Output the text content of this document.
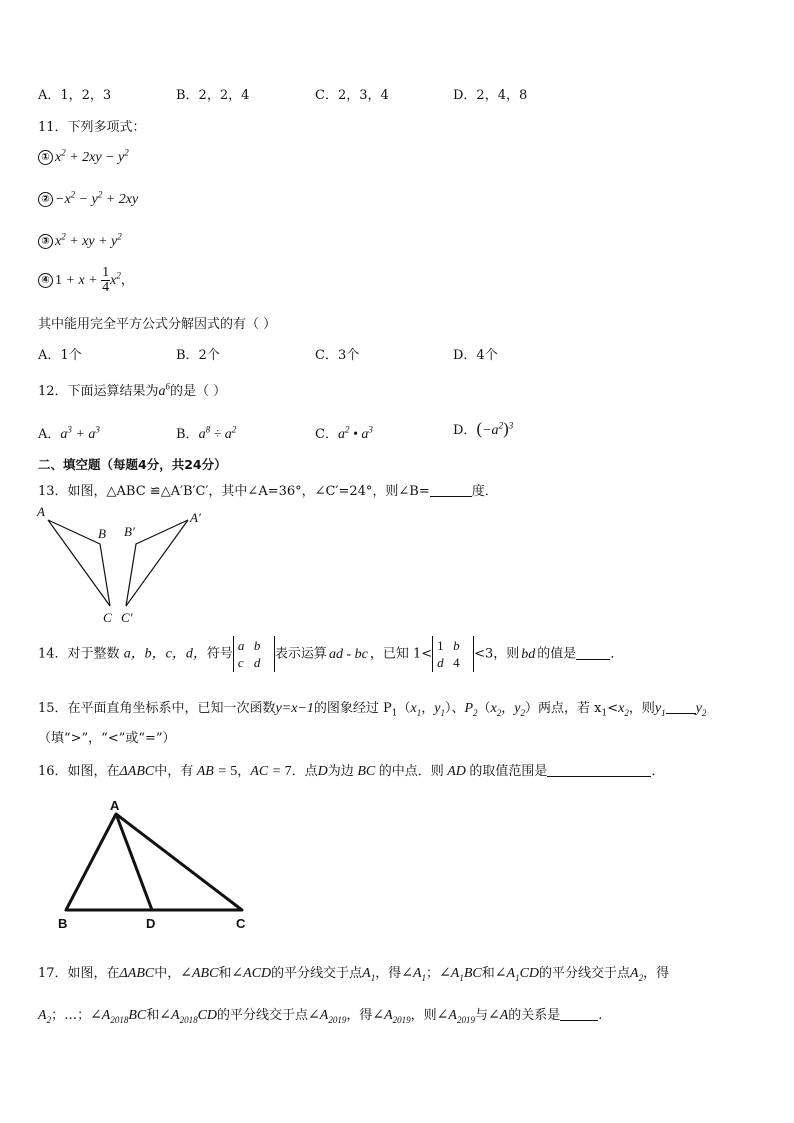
A．1，2，3	B．2，2，4	C．2，3，4	D．2，4，8
11．下列多项式：
① $x^2 + 2xy - y^2$
② $-x^2 - y^2 + 2xy$
③ $x^2$ + xy + $y^2$
④ $1 + x + \frac{1}{4} x^2$，
其中能用完全平方公式分解因式的有（ ）
A．1个	B．2个	C．3个	D．4个
12．下面运算结果为$a^6$的是（ ）
A．$a^3 + a^3$	B．$a^8 \div a^2$	C．$a^2$ • $a^3$	D．$(-a^2)^3$
二、填空题（每题4分，共24分）
13．如图，△ABC ≌△A′B′C′，其中∠A=36°，∠C′=24°，则∠B=	度．
A
B
C
B′
A′
C′
14．对于整数 a，b，c，d，符号
a b
c d
表示运算 ad - bc ，已知 1<
1 b
d 4
<3，则 bd 的值是	．
15．在平面直角坐标系中，已知一次函数y=x−1的图象经过 $P_1(x_1$，$y_1$）、$P_2(x_2$，$y_2$）两点，若 $x_1<x_2$，则$y_1$ $y_2$
（填“>”，“<”或“=”）
16．如图，在ΔABC中，有 AB = 5，AC = 7．点D为边 BC 的中点．则 AD 的取值范围是	．
A
B	D	C
17．如图，在ΔABC中，∠ABC和∠ACD的平分线交于点$A_1$，得$\angle A_1$；$\angle A_1BC$和$\angle A_1CD$的平分线交于点$A_2$，得
$A_2$；…；$\angle A_{2018}BC$和$\angle A_{2018}CD$的平分线交于点$\angle A_{2019}$，得$\angle A_{2019}$，则$\angle A_{2019}$与∠A的关系是	.
